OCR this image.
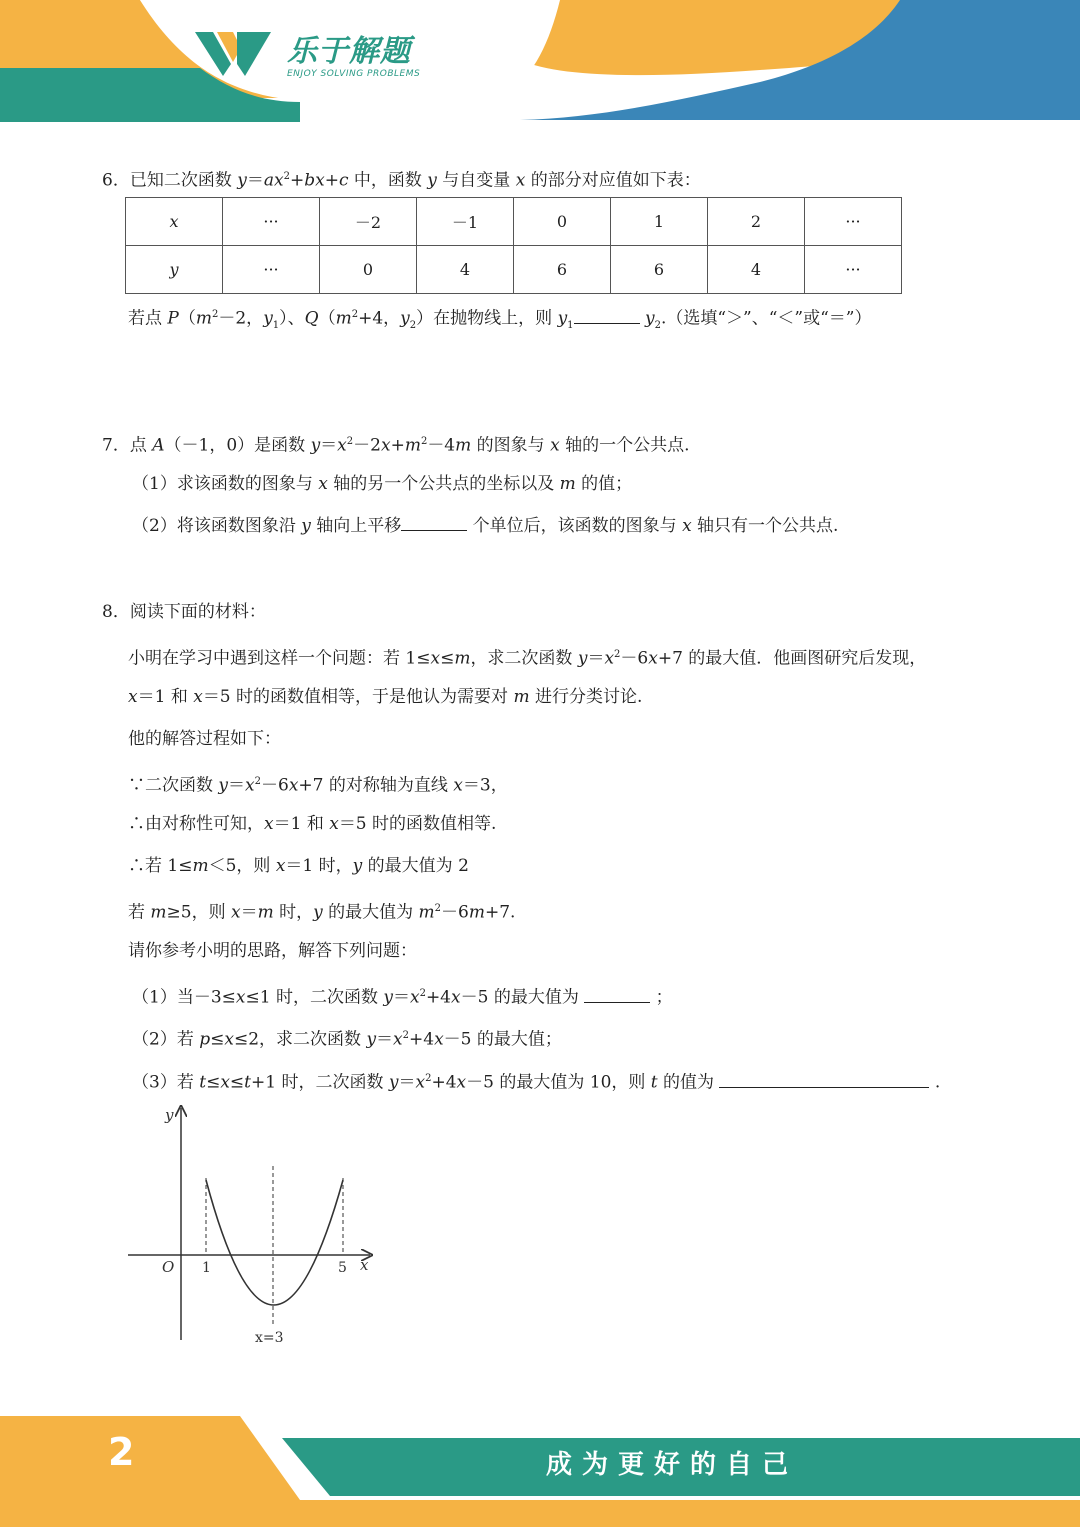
乐于解题
ENJOY SOLVING PROBLEMS
6．已知二次函数 $y=ax^2+bx+c$ 中，函数 y 与自变量 x 的部分对应值如下表：
x	···	－2	－1	0	1	2	···
y	···	0	4	6	6	4	···
若点 $P(m^2-2$，$y_1$）、$Q(m^2+4$，$y_2$）在抛物线上，则 $y_1$	$y_2$.（选填“＞”、“＜”或“＝”）
7．点 A（－1，0）是函数 $y=x^2-2x+m^2-4m$ 的图象与 x 轴的一个公共点.
（1）求该函数的图象与 x 轴的另一个公共点的坐标以及 m 的值；
（2）将该函数图象沿 y 轴向上平移	个单位后，该函数的图象与 x 轴只有一个公共点.
8．阅读下面的材料：
小明在学习中遇到这样一个问题：若 1≤x≤m，求二次函数 $y=x^2-6x+7$ 的最大值．他画图研究后发现，
x＝1 和 x＝5 时的函数值相等，于是他认为需要对 m 进行分类讨论.
他的解答过程如下：
∵二次函数 $y=x^2-6x+7$ 的对称轴为直线 x＝3，
∴由对称性可知，x＝1 和 x＝5 时的函数值相等.
∴若 1≤m＜5，则 x＝1 时，y 的最大值为 2
若 m≥5，则 x＝m 时，y 的最大值为 $m^2-6m+7$.
请你参考小明的思路，解答下列问题：
（1）当－3≤x≤1 时，二次函数 $y=x^2+4x-5$ 的最大值为	；
（2）若 p≤x≤2，求二次函数 $y=x^2+4x-5$ 的最大值；
（3）若 t≤x≤t+1 时，二次函数 $y=x^2+4x-5$ 的最大值为 10，则 t 的值为	.
y
x
O 1	5
x=3
2	成为更好的自己
